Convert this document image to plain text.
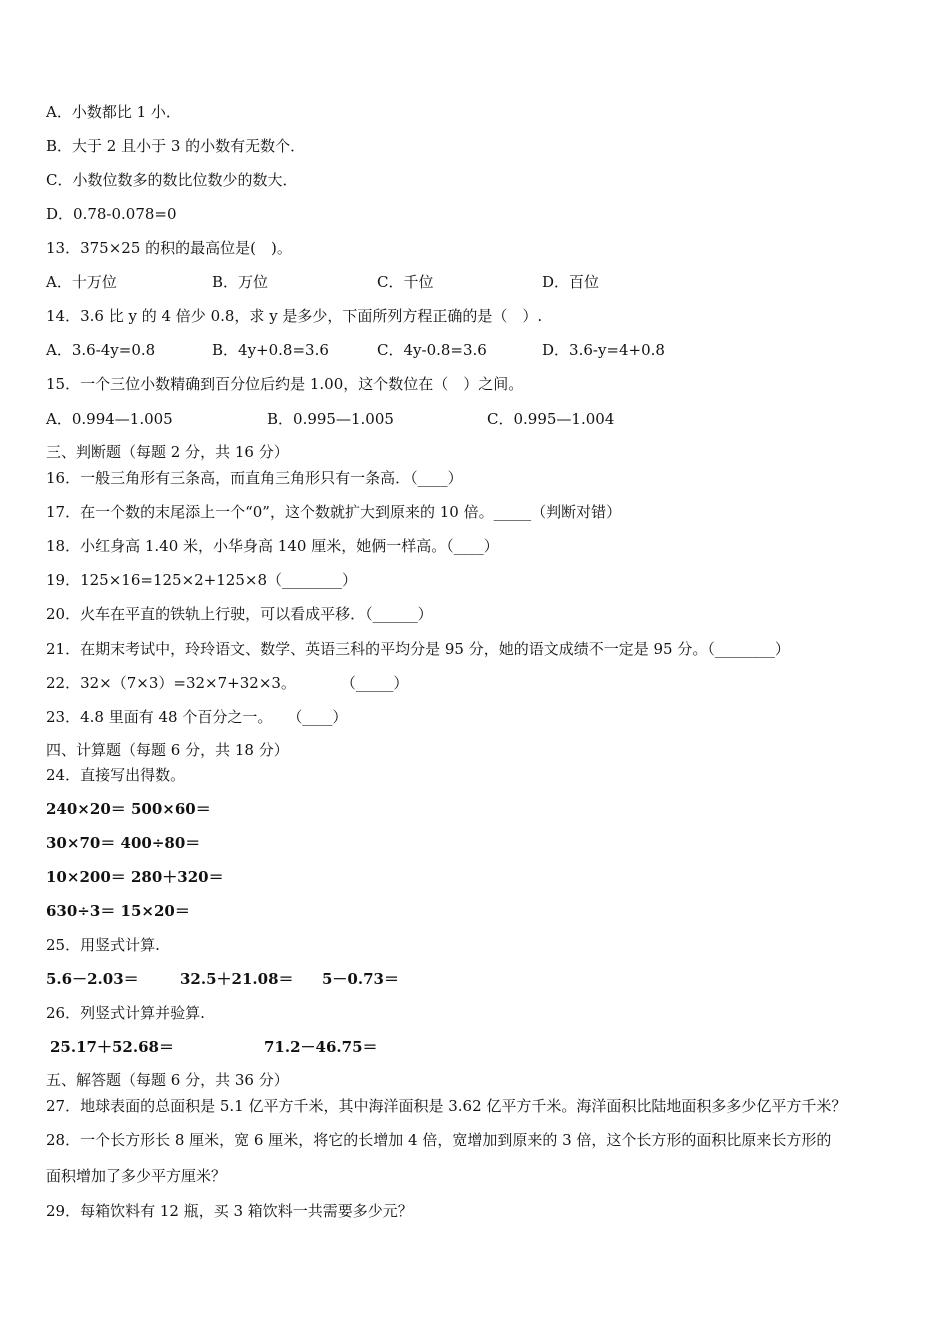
A．小数都比 1 小．
B．大于 2 且小于 3 的小数有无数个．
C．小数位数多的数比位数少的数大．
D．0.78-0.078=0
13．375×25 的积的最高位是(　)。
A．十万位	B．万位	C．千位	D．百位
14．3.6 比 y 的 4 倍少 0.8，求 y 是多少，下面所列方程正确的是（　）.
A．3.6-4y=0.8	B．4y+0.8=3.6	C．4y-0.8=3.6	D．3.6-y=4+0.8
15．一个三位小数精确到百分位后约是 1.00，这个数位在（　）之间。
A．0.994—1.005	B．0.995—1.005	C．0.995—1.004
三、判断题（每题 2 分，共 16 分）
16．一般三角形有三条高，而直角三角形只有一条高．（____）
17．在一个数的末尾添上一个“0”，这个数就扩大到原来的 10 倍。_____（判断对错）
18．小红身高 1.40 米，小华身高 140 厘米，她俩一样高。（____）
19．125×16=125×2+125×8（________）
20．火车在平直的铁轨上行驶，可以看成平移．（______）
21．在期末考试中，玲玲语文、数学、英语三科的平均分是 95 分，她的语文成绩不一定是 95 分。（________）
22．32×（7×3）=32×7+32×3。　　　　（_____）
23．4.8 里面有 48 个百分之一。　　（____）
四、计算题（每题 6 分，共 18 分）
24．直接写出得数。
240×20＝ 500×60＝
30×70＝ 400÷80＝
10×200＝ 280＋320＝
630÷3＝ 15×20＝
25．用竖式计算.
5.6－2.03＝	32.5＋21.08＝ 5－0.73＝
26．列竖式计算并验算.
25.17＋52.68＝	71.2－46.75＝
五、解答题（每题 6 分，共 36 分）
27．地球表面的总面积是 5.1 亿平方千米，其中海洋面积是 3.62 亿平方千米。海洋面积比陆地面积多多少亿平方千米？
28．一个长方形长 8 厘米，宽 6 厘米，将它的长增加 4 倍，宽增加到原来的 3 倍，这个长方形的面积比原来长方形的
面积增加了多少平方厘米？
29．每箱饮料有 12 瓶，买 3 箱饮料一共需要多少元？
